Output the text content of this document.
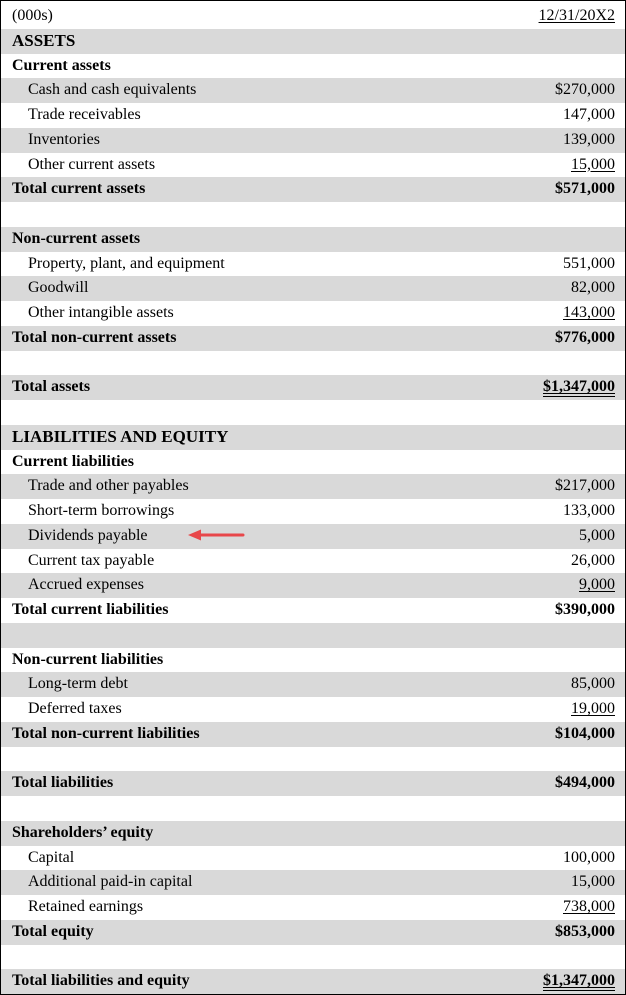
(000s)	12/31/20X2
ASSETS
Current assets
Cash and cash equivalents	$270,000
Trade receivables	147,000
Inventories	139,000
Other current assets	15,000
Total current assets	$571,000
Non-current assets
Property, plant, and equipment	551,000
Goodwill	82,000
Other intangible assets	143,000
Total non-current assets	$776,000
Total assets	$1,347,000
LIABILITIES AND EQUITY
Current liabilities
Trade and other payables	$217,000
Short-term borrowings	133,000
Dividends payable	5,000
Current tax payable	26,000
Accrued expenses	9,000
Total current liabilities	$390,000
Non-current liabilities
Long-term debt	85,000
Deferred taxes	19,000
Total non-current liabilities	$104,000
Total liabilities	$494,000
Shareholders’ equity
Capital	100,000
Additional paid-in capital	15,000
Retained earnings	738,000
Total equity	$853,000
Total liabilities and equity	$1,347,000
